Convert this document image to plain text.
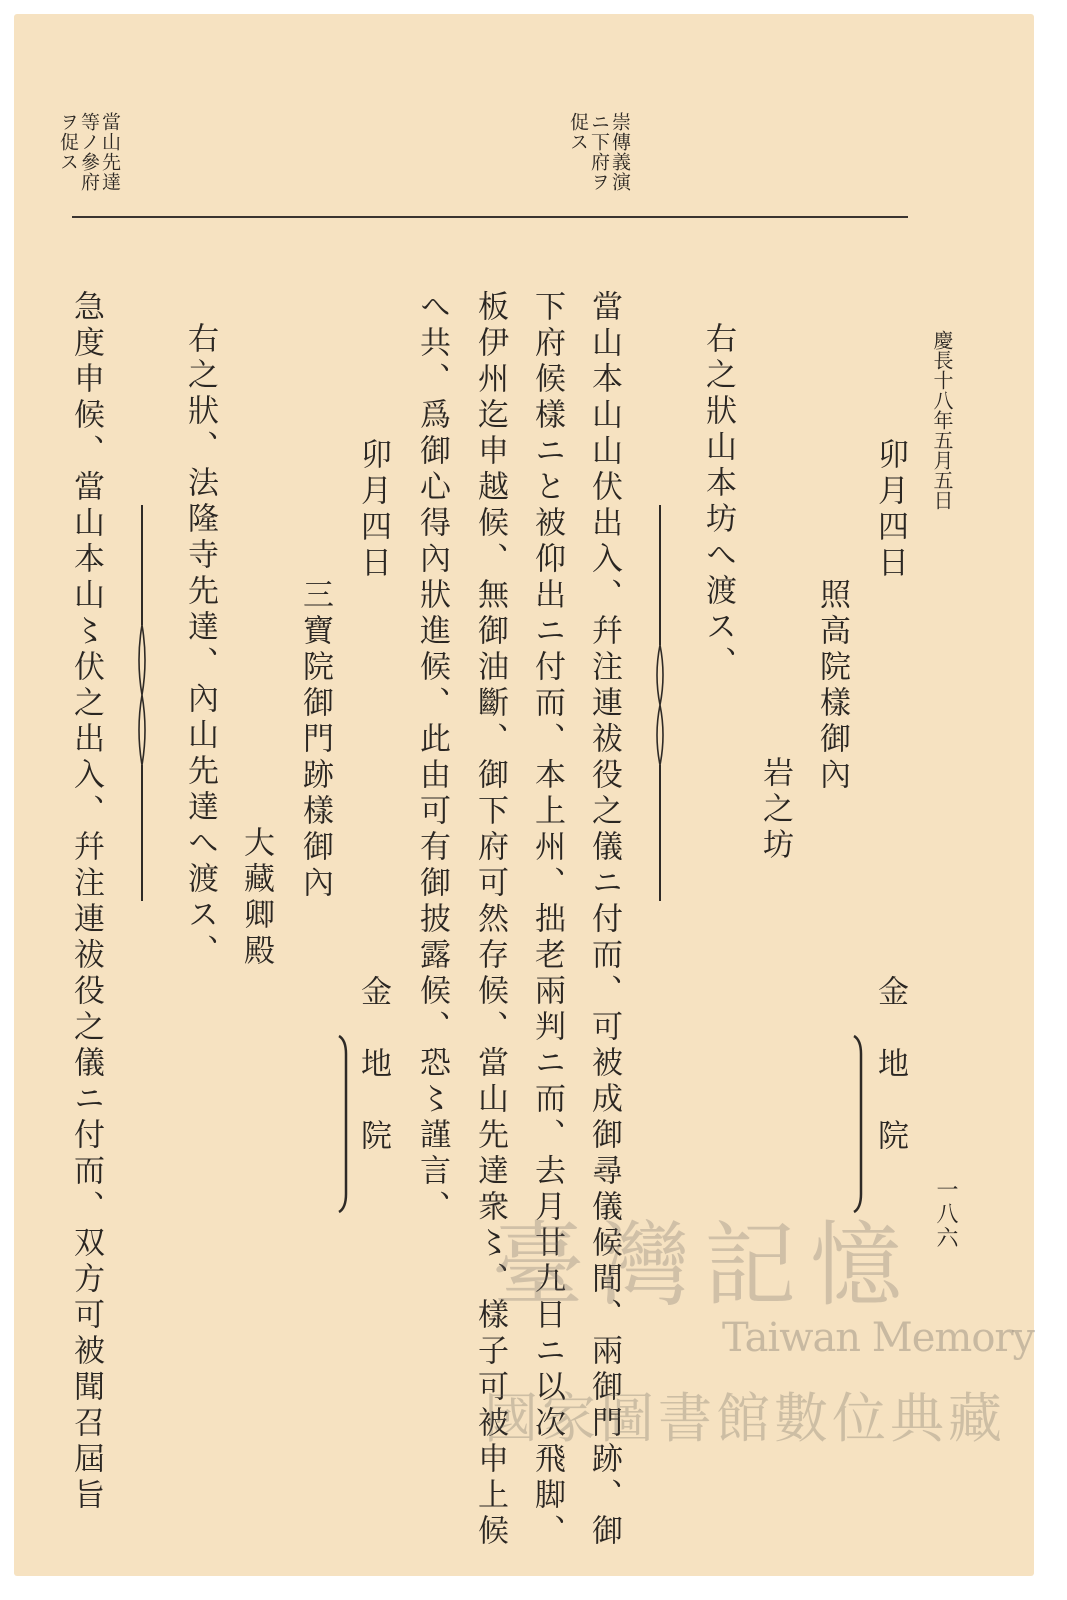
慶長十八年五月五日
崇傳義演
ニ下府ヲ
促ス
當山先達
等ノ參府
ヲ促ス
卯月四日
金　地　院
照高院樣御內
岩之坊
右之狀山本坊へ渡ス、
當山本山山伏出入、幷注連祓役之儀ニ付而、可被成御尋儀候間、兩御門跡、御
下府候樣ニと被仰出ニ付而、本上州、拙老兩判ニ而、去月廿九日ニ以次飛脚、
板伊州迄申越候、無御油斷、御下府可然存候、當山先達衆〻、樣子可被申上候
へ共、爲御心得內狀進候、此由可有御披露候、恐〻謹言、
卯月四日
金　地　院
三寶院御門跡樣御內
大藏卿殿
右之狀、法隆寺先達、內山先達へ渡ス、
急度申候、當山本山〻伏之出入、幷注連祓役之儀ニ付而、双方可被聞召屆旨	一八六
臺灣記憶
Taiwan Memory
國家圖書館數位典藏
